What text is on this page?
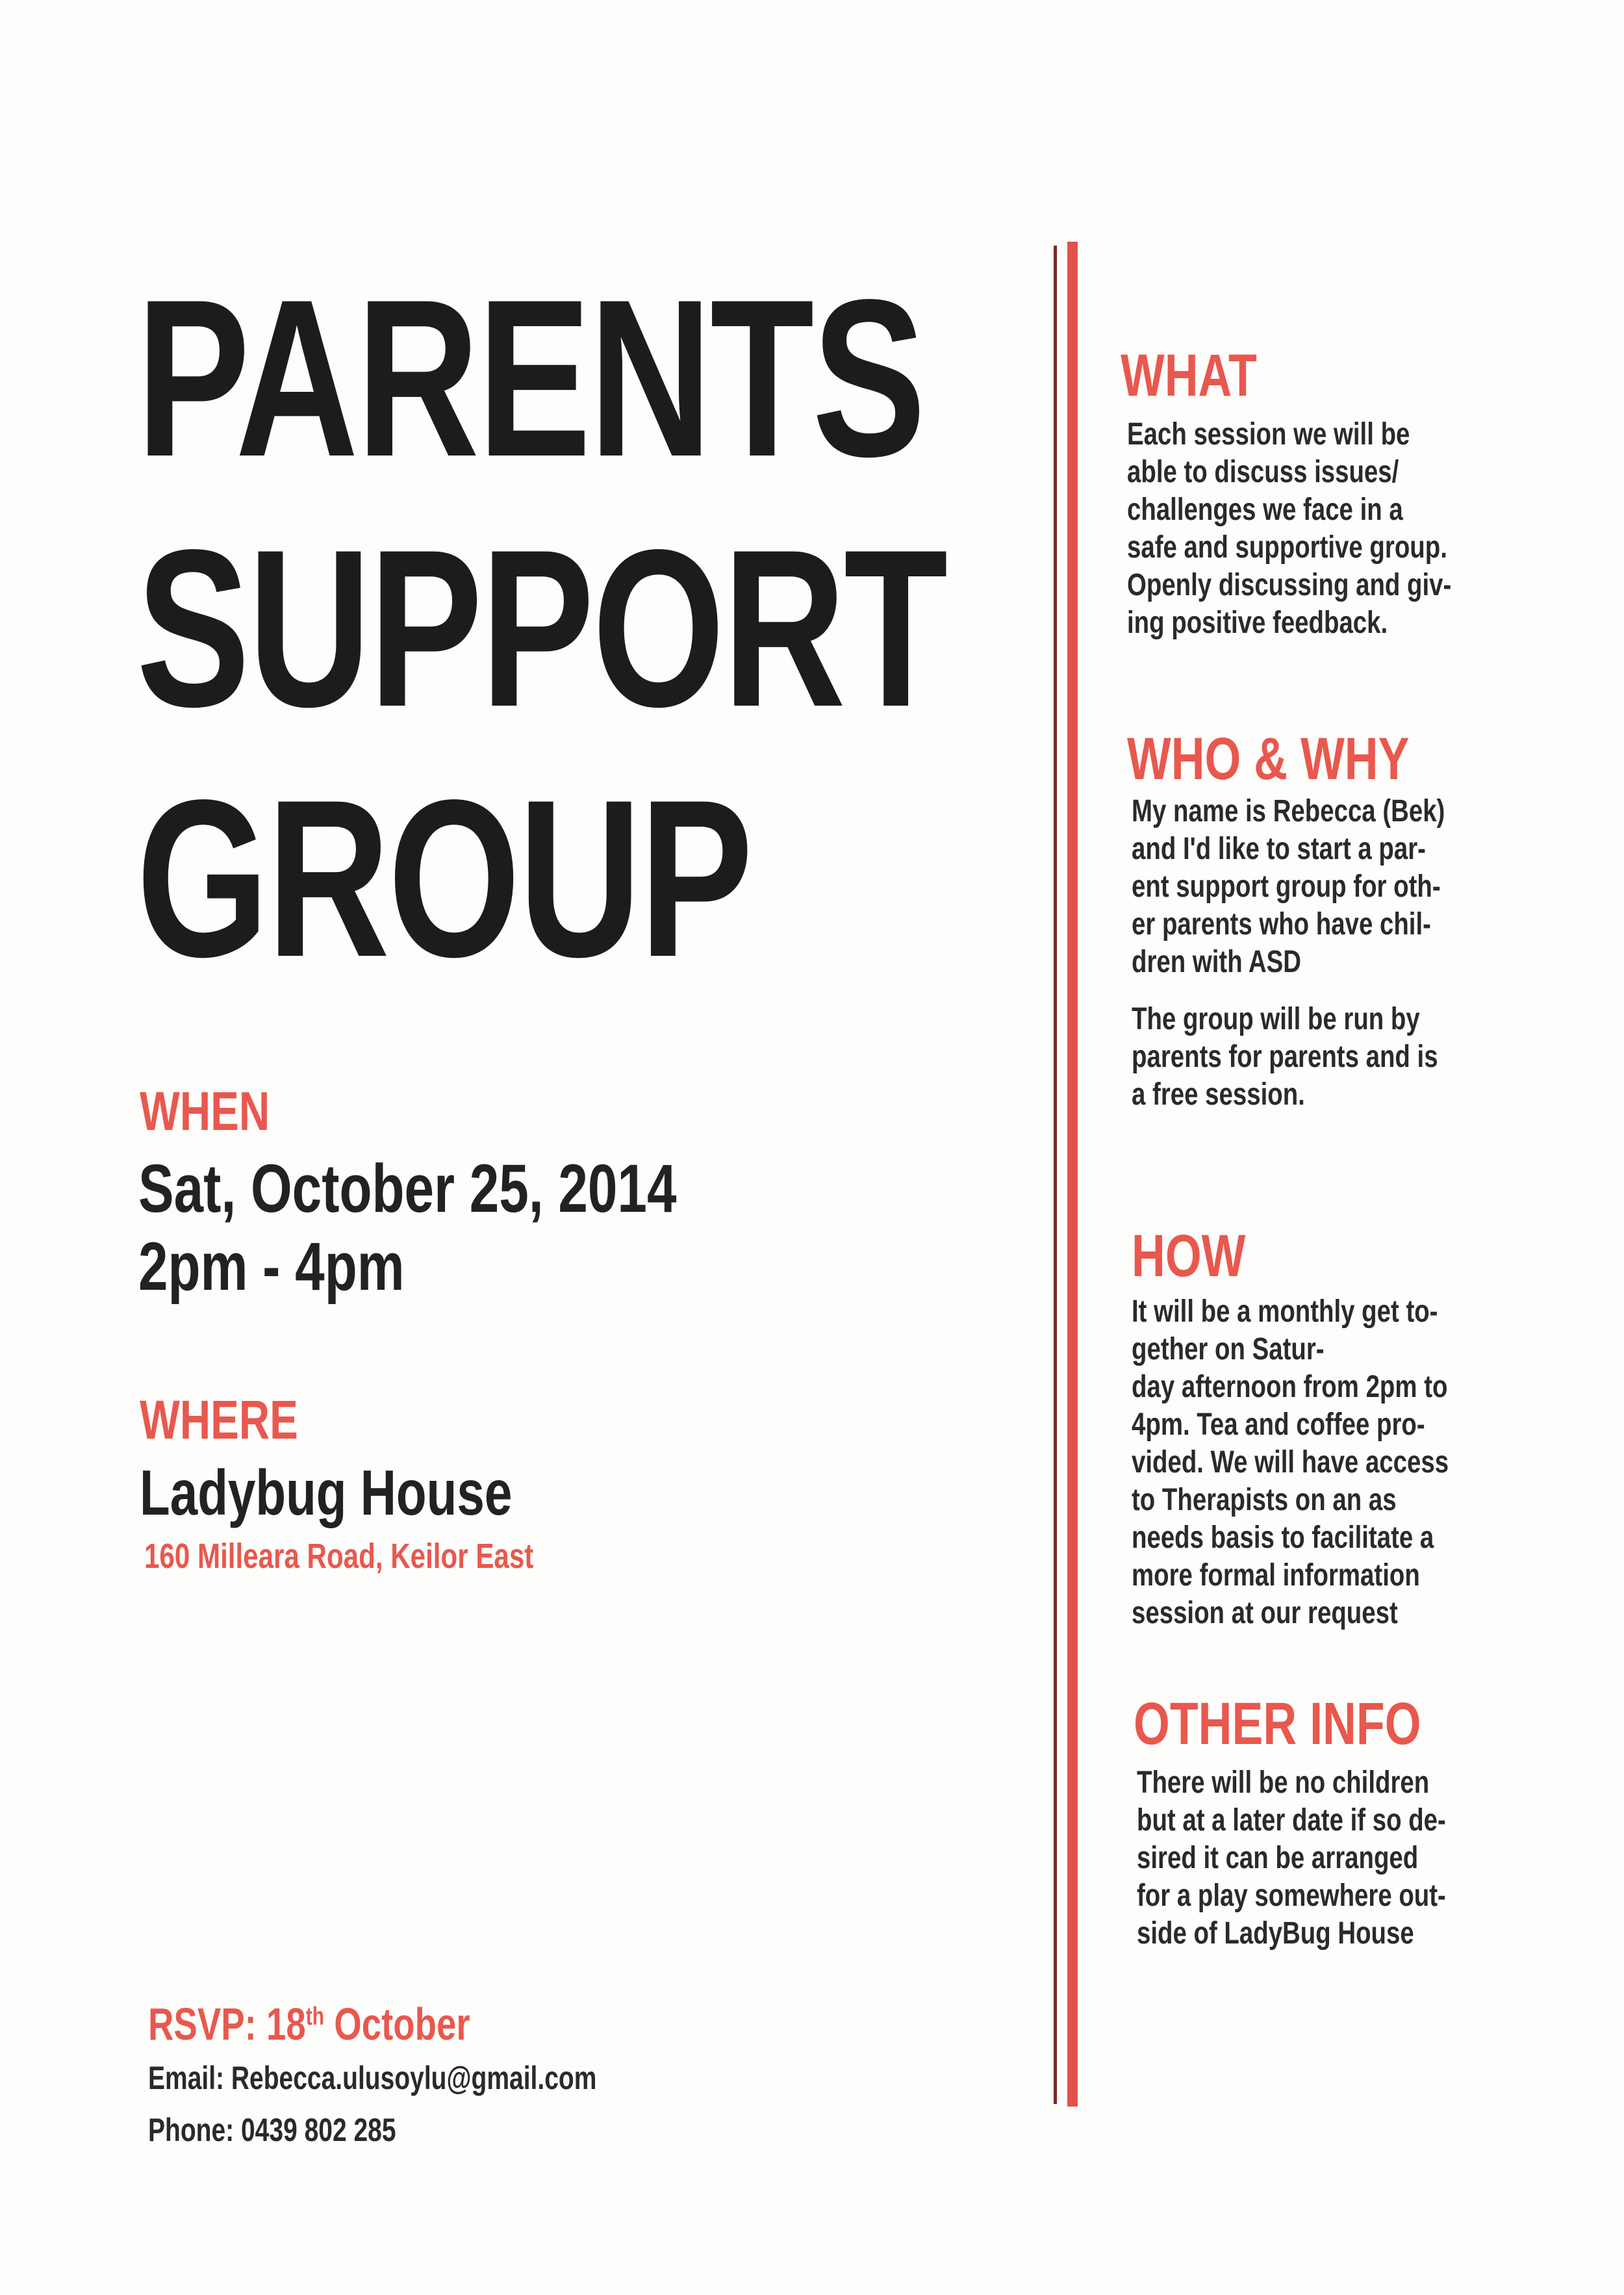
PARENTS
SUPPORT
GROUP
WHEN
Sat, October 25, 2014
2pm - 4pm
WHERE
Ladybug House
160 Milleara Road, Keilor East
RSVP: 18th October
Email: Rebecca.ulusoylu@gmail.com
Phone: 0439 802 285
WHAT
Each session we will be
able to discuss issues/
challenges we face in a
safe and supportive group.
Openly discussing and giv-
ing positive feedback.
WHO & WHY
My name is Rebecca (Bek)
and I'd like to start a par-
ent support group for oth-
er parents who have chil-
dren with ASD
The group will be run by
parents for parents and is
a free session.
HOW
It will be a monthly get to-
gether on Satur-
day afternoon from 2pm to
4pm. Tea and coffee pro-
vided. We will have access
to Therapists on an as
needs basis to facilitate a
more formal information
session at our request
OTHER INFO
There will be no children
but at a later date if so de-
sired it can be arranged
for a play somewhere out-
side of LadyBug House
